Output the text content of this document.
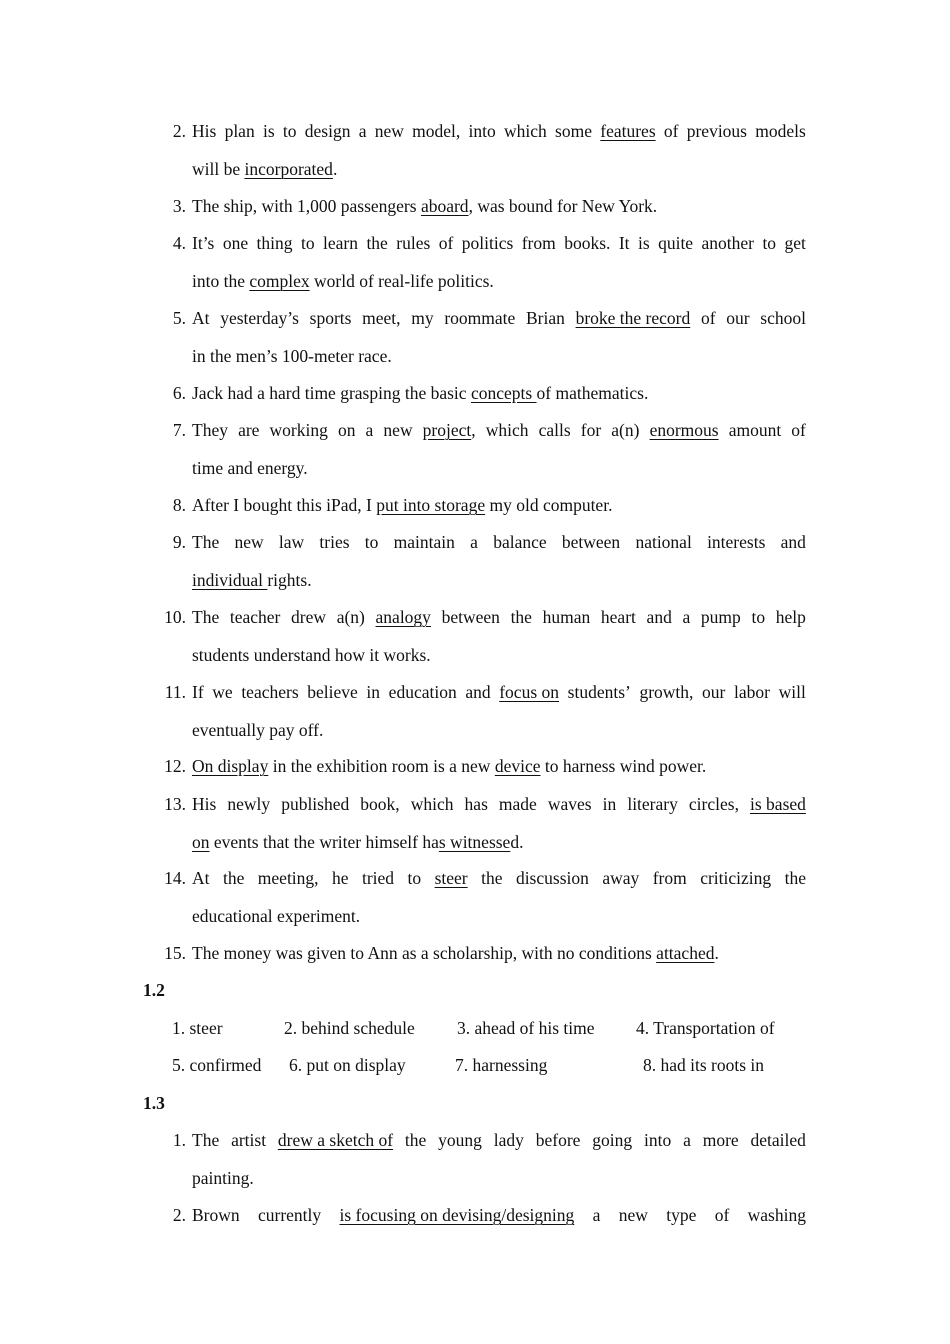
2. His plan is to design a new model, into which some features of previous models
will be incorporated.
3. The ship, with 1,000 passengers aboard, was bound for New York.
4. It’s one thing to learn the rules of politics from books. It is quite another to get
into the complex world of real-life politics.
5. At yesterday’s sports meet, my roommate Brian broke the record of our school
in the men’s 100-meter race.
6. Jack had a hard time grasping the basic concepts of mathematics.
7. They are working on a new project, which calls for a(n) enormous amount of
time and energy.
8. After I bought this iPad, I put into storage my old computer.
9. The new law tries to maintain a balance between national interests and
individual rights.
10. The teacher drew a(n) analogy between the human heart and a pump to help
students understand how it works.
11. If we teachers believe in education and focus on students’ growth, our labor will
eventually pay off.
12. On display in the exhibition room is a new device to harness wind power.
13. His newly published book, which has made waves in literary circles, is based
on events that the writer himself has witnessed.
14. At the meeting, he tried to steer the discussion away from criticizing the
educational experiment.
15. The money was given to Ann as a scholarship, with no conditions attached.
1.2
1. steer	2. behind schedule 3. ahead of his time 4. Transportation of
5. confirmed 6. put on display	7. harnessing	8. had its roots in
1.3
1. The artist drew a sketch of the young lady before going into a more detailed
painting.
2. Brown currently is focusing on devising/designing a new type of washing
